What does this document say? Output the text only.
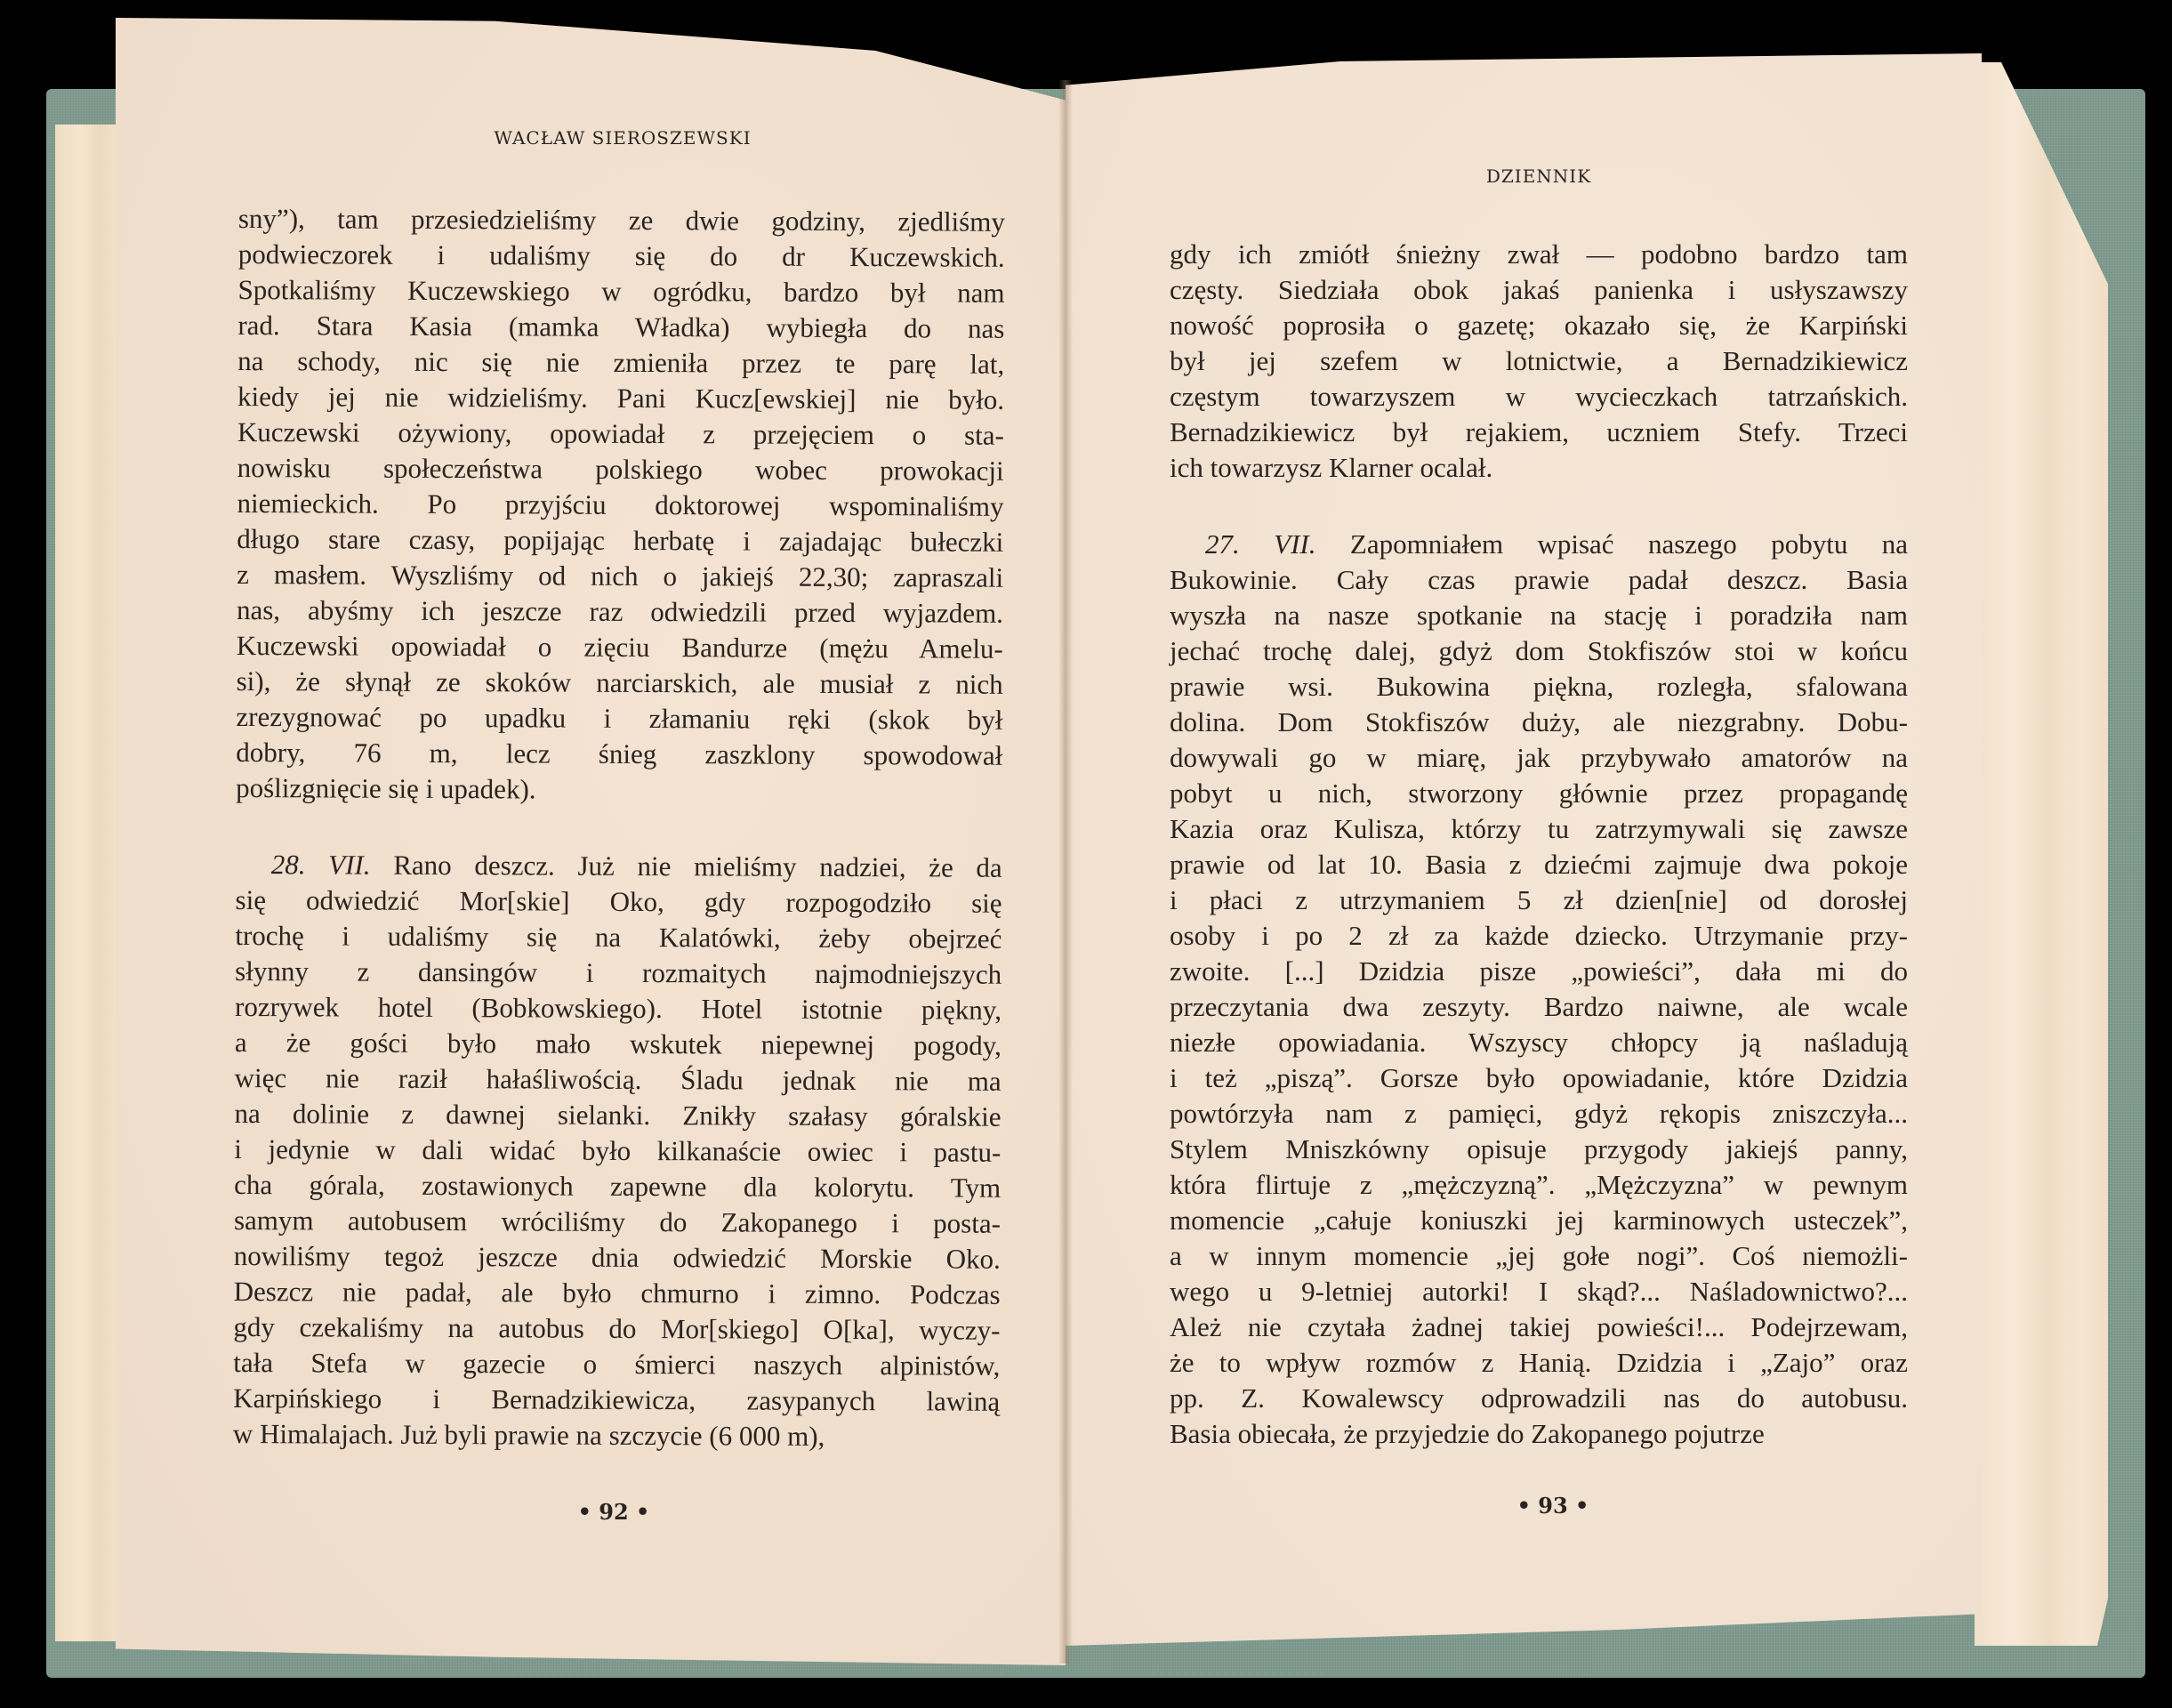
WACŁAW SIEROSZEWSKI
sny”), tam przesiedzieliśmy ze dwie godziny, zjedliśmy
podwieczorek i udaliśmy się do dr Kuczewskich.
Spotkaliśmy Kuczewskiego w ogródku, bardzo był nam
rad. Stara Kasia (mamka Władka) wybiegła do nas
na schody, nic się nie zmieniła przez te parę lat,
kiedy jej nie widzieliśmy. Pani Kucz[ewskiej] nie było.
Kuczewski ożywiony, opowiadał z przejęciem o sta-
nowisku społeczeństwa polskiego wobec prowokacji
niemieckich. Po przyjściu doktorowej wspominaliśmy
długo stare czasy, popijając herbatę i zajadając bułeczki
z masłem. Wyszliśmy od nich o jakiejś 22,30; zapraszali
nas, abyśmy ich jeszcze raz odwiedzili przed wyjazdem.
Kuczewski opowiadał o zięciu Bandurze (mężu Amelu-
si), że słynął ze skoków narciarskich, ale musiał z nich
zrezygnować po upadku i złamaniu ręki (skok był
dobry, 76 m, lecz śnieg zaszklony spowodował
poślizgnięcie się i upadek).
28. VII. Rano deszcz. Już nie mieliśmy nadziei, że da
się odwiedzić Mor[skie] Oko, gdy rozpogodziło się
trochę i udaliśmy się na Kalatówki, żeby obejrzeć
słynny z dansingów i rozmaitych najmodniejszych
rozrywek hotel (Bobkowskiego). Hotel istotnie piękny,
a że gości było mało wskutek niepewnej pogody,
więc nie raził hałaśliwością. Śladu jednak nie ma
na dolinie z dawnej sielanki. Znikły szałasy góralskie
i jedynie w dali widać było kilkanaście owiec i pastu-
cha górala, zostawionych zapewne dla kolorytu. Tym
samym autobusem wróciliśmy do Zakopanego i posta-
nowiliśmy tegoż jeszcze dnia odwiedzić Morskie Oko.
Deszcz nie padał, ale było chmurno i zimno. Podczas
gdy czekaliśmy na autobus do Mor[skiego] O[ka], wyczy-
tała Stefa w gazecie o śmierci naszych alpinistów,
Karpińskiego i Bernadzikiewicza, zasypanych lawiną
w Himalajach. Już byli prawie na szczycie (6 000 m),
• 92 •
DZIENNIK
gdy ich zmiótł śnieżny zwał — podobno bardzo tam
częsty. Siedziała obok jakaś panienka i usłyszawszy
nowość poprosiła o gazetę; okazało się, że Karpiński
był jej szefem w lotnictwie, a Bernadzikiewicz
częstym towarzyszem w wycieczkach tatrzańskich.
Bernadzikiewicz był rejakiem, uczniem Stefy. Trzeci
ich towarzysz Klarner ocalał.
27. VII. Zapomniałem wpisać naszego pobytu na
Bukowinie. Cały czas prawie padał deszcz. Basia
wyszła na nasze spotkanie na stację i poradziła nam
jechać trochę dalej, gdyż dom Stokfiszów stoi w końcu
prawie wsi. Bukowina piękna, rozległa, sfalowana
dolina. Dom Stokfiszów duży, ale niezgrabny. Dobu-
dowywali go w miarę, jak przybywało amatorów na
pobyt u nich, stworzony głównie przez propagandę
Kazia oraz Kulisza, którzy tu zatrzymywali się zawsze
prawie od lat 10. Basia z dziećmi zajmuje dwa pokoje
i płaci z utrzymaniem 5 zł dzien[nie] od dorosłej
osoby i po 2 zł za każde dziecko. Utrzymanie przy-
zwoite. [...] Dzidzia pisze „powieści”, dała mi do
przeczytania dwa zeszyty. Bardzo naiwne, ale wcale
niezłe opowiadania. Wszyscy chłopcy ją naśladują
i też „piszą”. Gorsze było opowiadanie, które Dzidzia
powtórzyła nam z pamięci, gdyż rękopis zniszczyła...
Stylem Mniszkówny opisuje przygody jakiejś panny,
która flirtuje z „mężczyzną”. „Mężczyzna” w pewnym
momencie „całuje koniuszki jej karminowych usteczek”,
a w innym momencie „jej gołe nogi”. Coś niemożli-
wego u 9-letniej autorki! I skąd?... Naśladownictwo?...
Ależ nie czytała żadnej takiej powieści!... Podejrzewam,
że to wpływ rozmów z Hanią. Dzidzia i „Zajo” oraz
pp. Z. Kowalewscy odprowadzili nas do autobusu.
Basia obiecała, że przyjedzie do Zakopanego pojutrze
• 93 •
